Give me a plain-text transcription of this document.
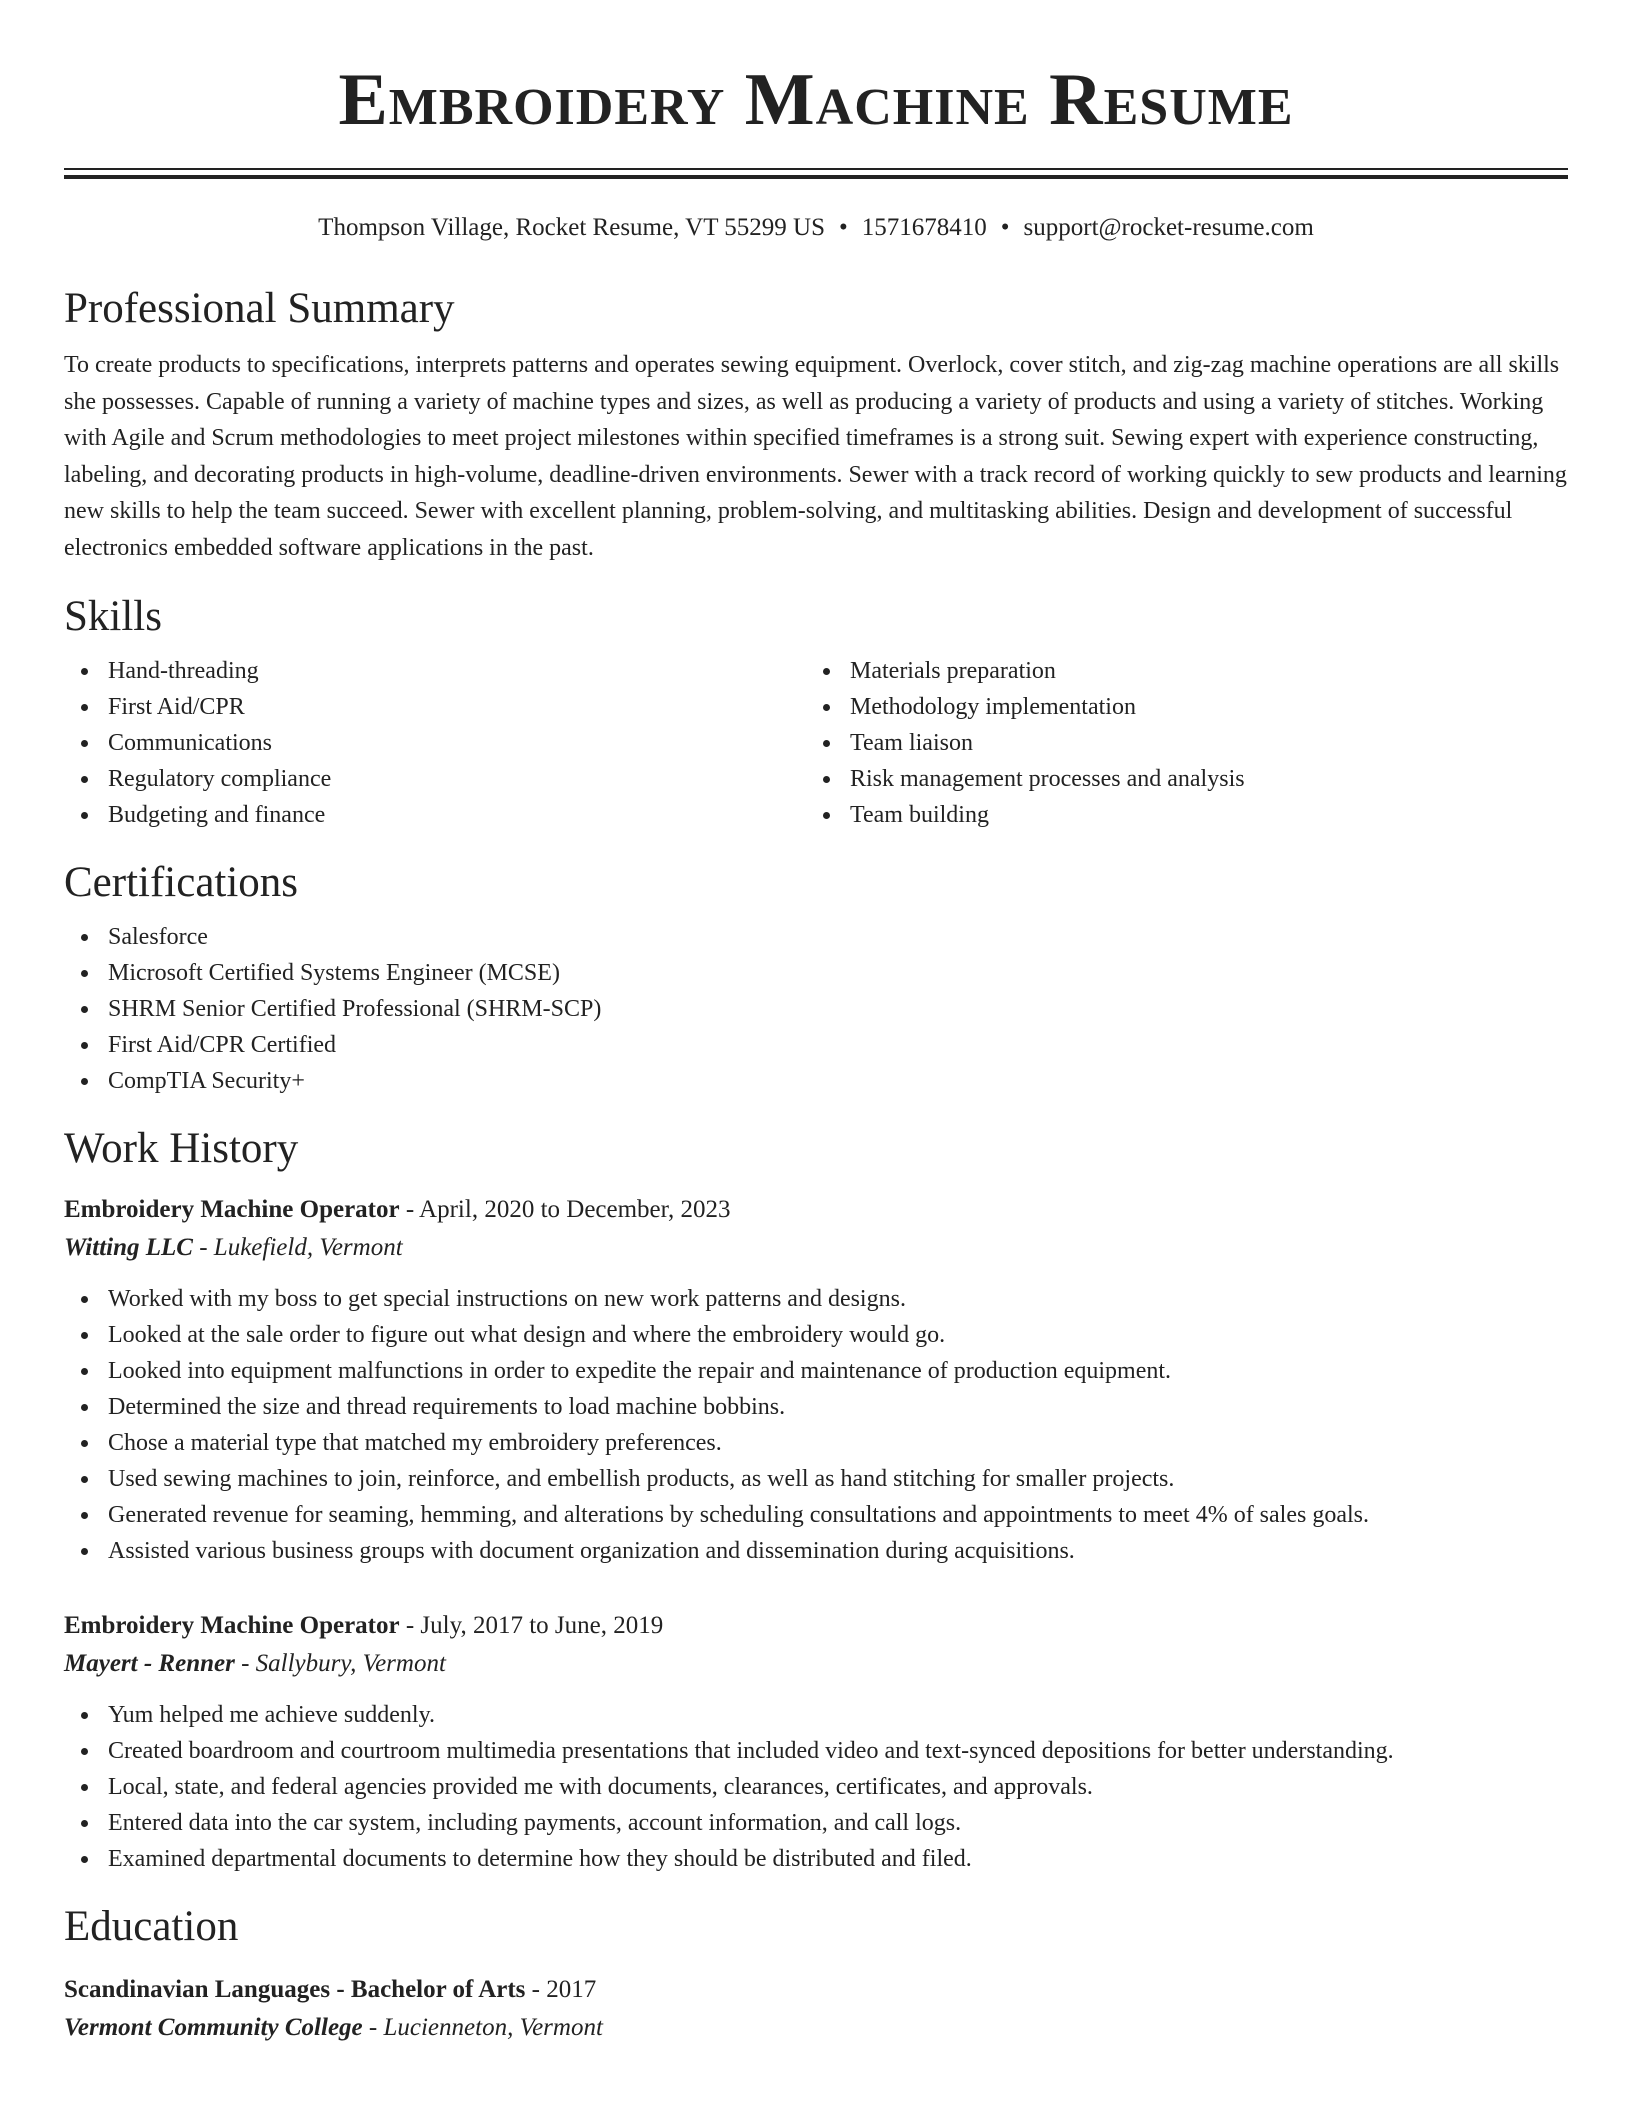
Embroidery Machine Resume
Thompson Village, Rocket Resume, VT 55299 US • 1571678410 • support@rocket-resume.com
Professional Summary
To create products to specifications, interprets patterns and operates sewing equipment. Overlock, cover stitch, and zig-zag machine operations are all skills she possesses. Capable of running a variety of machine types and sizes, as well as producing a variety of products and using a variety of stitches. Working with Agile and Scrum methodologies to meet project milestones within specified timeframes is a strong suit. Sewing expert with experience constructing, labeling, and decorating products in high-volume, deadline-driven environments. Sewer with a track record of working quickly to sew products and learning new skills to help the team succeed. Sewer with excellent planning, problem-solving, and multitasking abilities. Design and development of successful electronics embedded software applications in the past.
Skills
Hand-threading
First Aid/CPR
Communications
Regulatory compliance
Budgeting and finance
Materials preparation
Methodology implementation
Team liaison
Risk management processes and analysis
Team building
Certifications
Salesforce
Microsoft Certified Systems Engineer (MCSE)
SHRM Senior Certified Professional (SHRM-SCP)
First Aid/CPR Certified
CompTIA Security+
Work History
Embroidery Machine Operator - April, 2020 to December, 2023
Witting LLC - Lukefield, Vermont
Worked with my boss to get special instructions on new work patterns and designs.
Looked at the sale order to figure out what design and where the embroidery would go.
Looked into equipment malfunctions in order to expedite the repair and maintenance of production equipment.
Determined the size and thread requirements to load machine bobbins.
Chose a material type that matched my embroidery preferences.
Used sewing machines to join, reinforce, and embellish products, as well as hand stitching for smaller projects.
Generated revenue for seaming, hemming, and alterations by scheduling consultations and appointments to meet 4% of sales goals.
Assisted various business groups with document organization and dissemination during acquisitions.
Embroidery Machine Operator - July, 2017 to June, 2019
Mayert - Renner - Sallybury, Vermont
Yum helped me achieve suddenly.
Created boardroom and courtroom multimedia presentations that included video and text-synced depositions for better understanding.
Local, state, and federal agencies provided me with documents, clearances, certificates, and approvals.
Entered data into the car system, including payments, account information, and call logs.
Examined departmental documents to determine how they should be distributed and filed.
Education
Scandinavian Languages - Bachelor of Arts - 2017
Vermont Community College - Lucienneton, Vermont
